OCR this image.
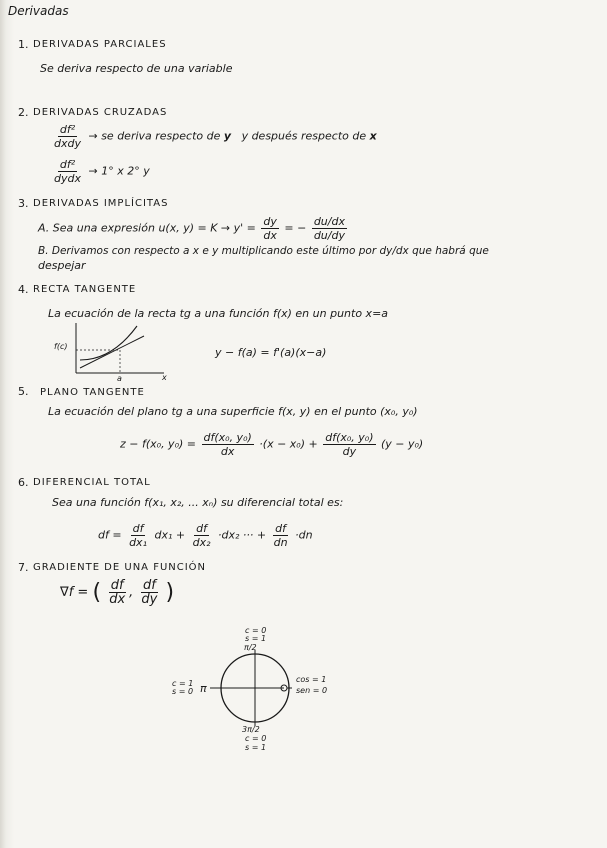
Derivadas
1. DERIVADAS PARCIALES
Se deriva respecto de una variable
2. DERIVADAS CRUZADAS
$\frac{\text{df²}}{\text{dxdy}}$ → se deriva respecto de y y después respecto de x
$\frac{\text{df²}}{\text{dydx}} \to 1^\circ$ x 2° y
3. DERIVADAS IMPLÍCITAS
A. Sea una expresión u(x, $y) = K \to y' = \frac{dy}{dx}$ = − $\frac{du/dx}{du/dy}$
B. Derivamos con respecto a x e y multiplicando este último por dy/dx que habrá que
despejar
4. RECTA TANGENTE
La ecuación de la recta tg a una función f(x) en un punto x=a
f(c)
a	x
y − f(a) = f'(a)(x−a)
5. PLANO TANGENTE
La ecuación del plano tg a una superficie f(x, y) en el punto (x₀, y₀)
z − f(x₀, $y_0) = \frac{\text{df(x₀, y₀)}}{dx} \cdot(x - x_0) + \frac{\text{df(x₀, y₀)}}{dy} (y - y_0)$
6. DIFERENCIAL TOTAL
Sea una función f(x₁, x₂, ... xₙ) su diferencial total es:
df = $\frac{df}{\text{dx₁}} dx_1 + \frac{df}{\text{dx₂}} \cdot dx_2$ ··· + $\frac{df}{dn} \cdot dn$
7. GRADIENTE DE UNA FUNCIÓN
∇f = ( $\frac{df}{dx}$ , $\frac{df}{dy}$ )
c = 0
s = 1
π/2
c = 1
s = 0 π
cos = 1
sen = 0
3π/2
c = 0
s = 1
